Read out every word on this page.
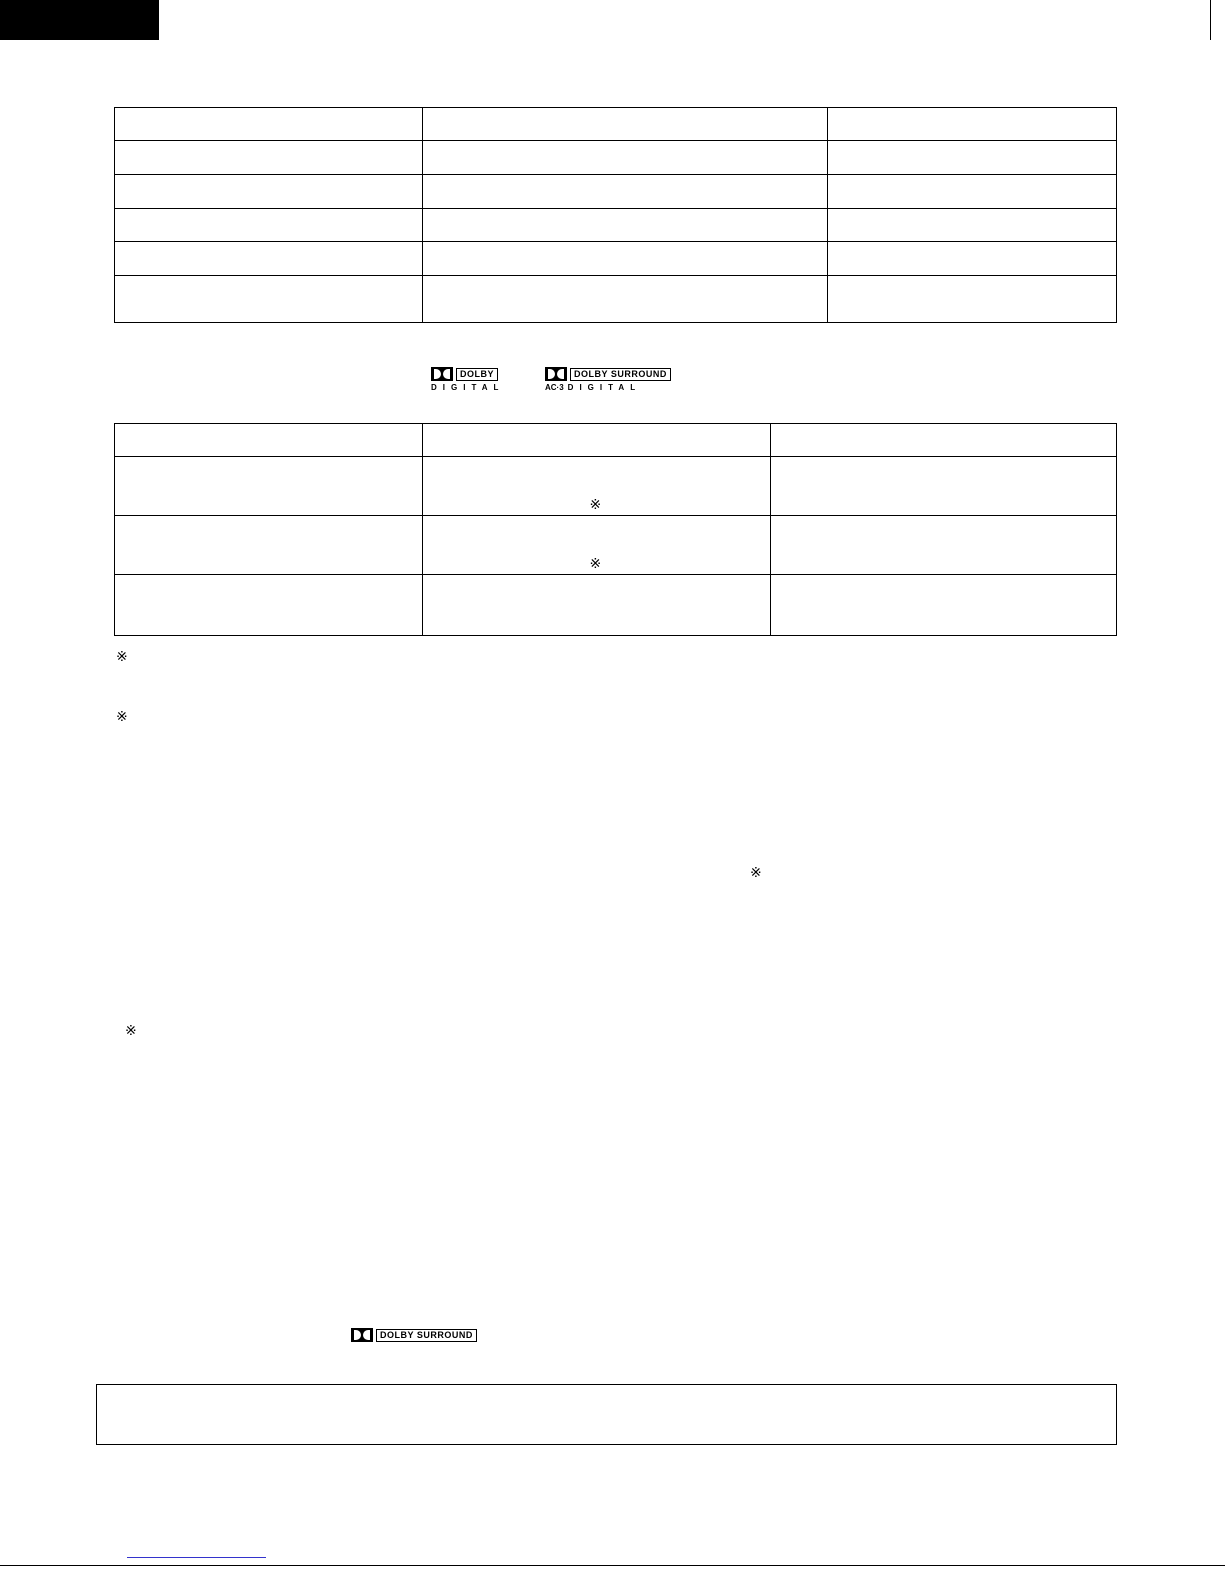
DOLBY
DIGITAL
DOLBY SURROUND
AC·3 DIGITAL

	※	

	※	

※
※
※
※
DOLBY SURROUND
